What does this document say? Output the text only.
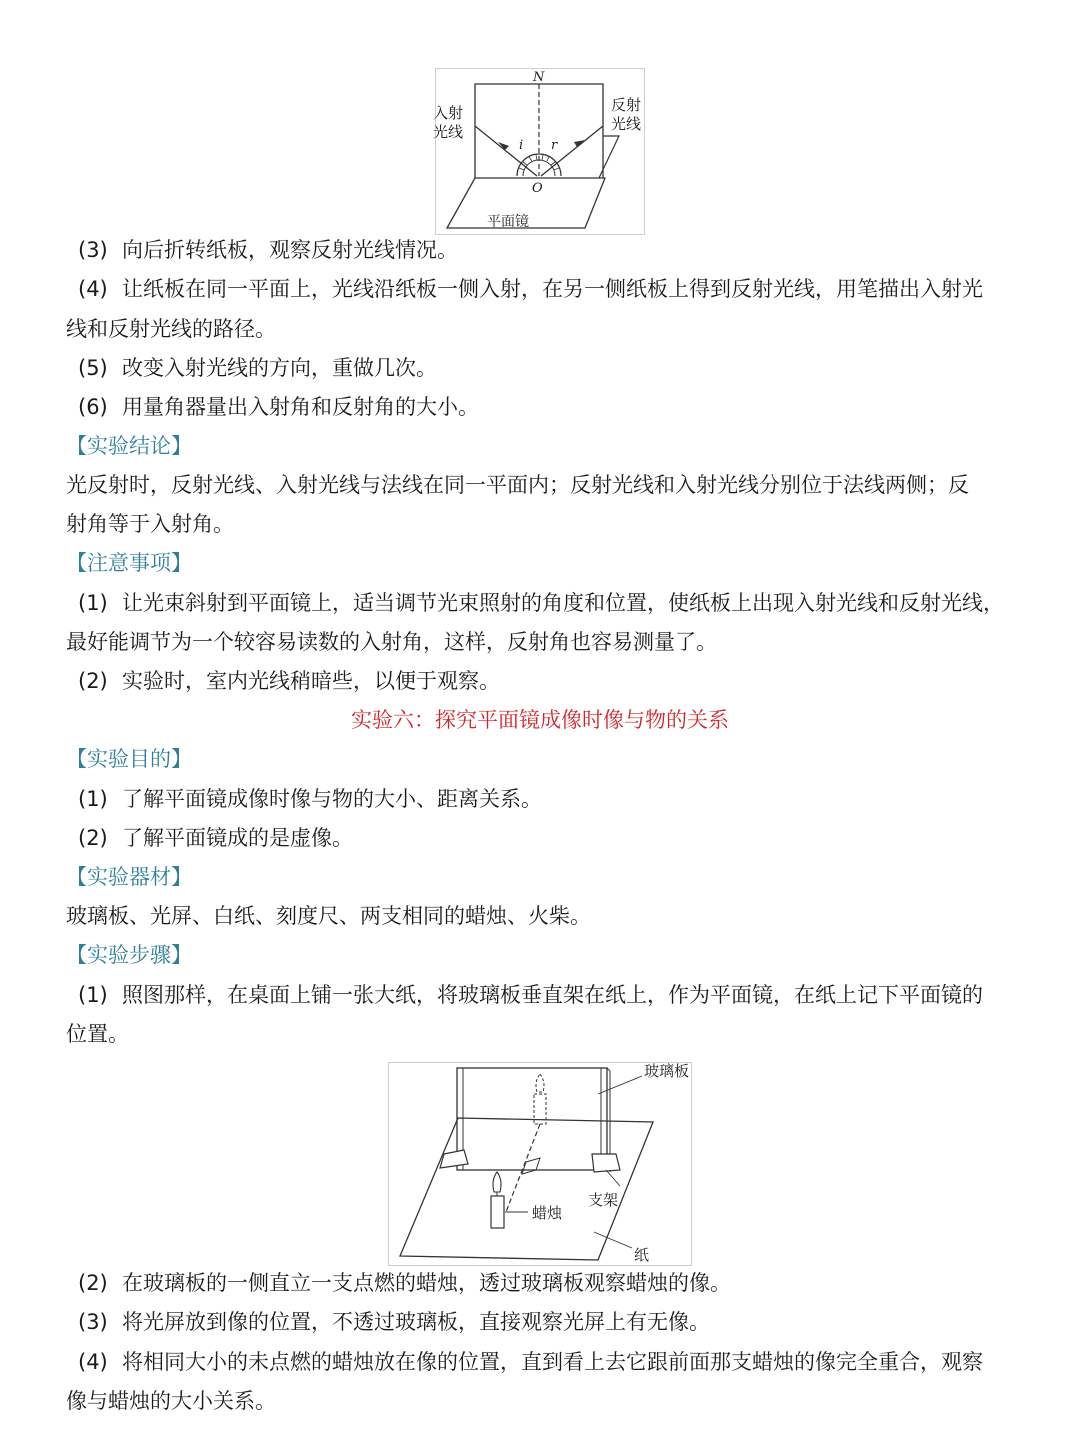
平面镜
N
i r
O
入射
光线
反射
光线
(3) 向后折转纸板，观察反射光线情况。
(4) 让纸板在同一平面上，光线沿纸板一侧入射，在另一侧纸板上得到反射光线，用笔描出入射光
线和反射光线的路径。
(5) 改变入射光线的方向，重做几次。
(6) 用量角器量出入射角和反射角的大小。
【实验结论】
光反射时，反射光线、入射光线与法线在同一平面内；反射光线和入射光线分别位于法线两侧；反
射角等于入射角。
【注意事项】
(1) 让光束斜射到平面镜上，适当调节光束照射的角度和位置，使纸板上出现入射光线和反射光线，
最好能调节为一个较容易读数的入射角，这样，反射角也容易测量了。
(2) 实验时，室内光线稍暗些，以便于观察。
实验六：探究平面镜成像时像与物的关系
【实验目的】
(1) 了解平面镜成像时像与物的大小、距离关系。
(2) 了解平面镜成的是虚像。
【实验器材】
玻璃板、光屏、白纸、刻度尺、两支相同的蜡烛、火柴。
【实验步骤】
(1) 照图那样，在桌面上铺一张大纸，将玻璃板垂直架在纸上，作为平面镜，在纸上记下平面镜的
位置。
玻璃板
蜡烛
支架
纸
(2) 在玻璃板的一侧直立一支点燃的蜡烛，透过玻璃板观察蜡烛的像。
(3) 将光屏放到像的位置，不透过玻璃板，直接观察光屏上有无像。
(4) 将相同大小的未点燃的蜡烛放在像的位置，直到看上去它跟前面那支蜡烛的像完全重合，观察
像与蜡烛的大小关系。
